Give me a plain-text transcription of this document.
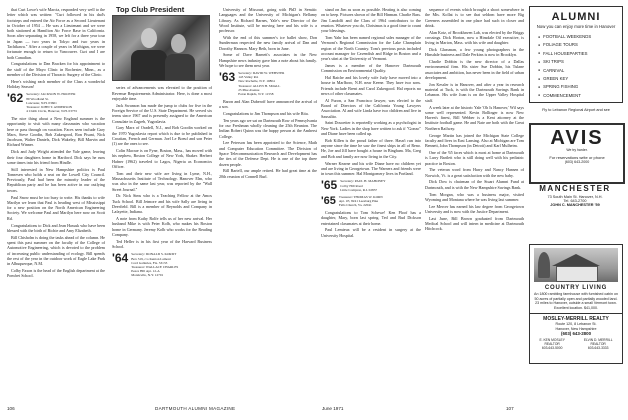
that Curt Lowe's wife Marcia, responded very well to the letter which was written: "Curt followed in his dad's footsteps and entered the Air Force as a Second Lieutenant in October of 1954 ... He was a Lieutenant and we were both stationed at Hamilton Air Force Base in California. Soon after separating in 1958, we left for a three year tour in Japan — two years in Tokyo and two years in Tachikawa." After a couple of years in Michigan, we were fortunate enough to return to Vancouver. Curt and I are both Canadian.

Congratulations to Dan Bracken for his appointment to the staff of the Mayo Clinic in Rochester, Minn., as a member of the Division of Thoracic Surgery of the Clinic.

Here's wishing each member of the Class a wonderful Holiday Season!

'62 Secretary: JACKSON W. HOOVER
89 Woodland St.
Lancaster, N.H. 03601
Treasurer: JOHN T. ANDERSON
4 Clubb Circle, Hanover, N.H. 03755

The nice thing about a New England summer is the opportunity to visit with many classmates who vacation here or pass through on vacation. Faces seen include Gary Marx, Steve Goodin, Bob Zukergood, Ron Pisani, Nick Jacobson, Walter Daniels, Dick Wakeley, Bill Marvin and Richard Winner.

Dick and Judy Wright attended the Yale game, leaving their four daughters home in Hartford. Dick says he runs some times into his friend from Hindle.

Still interested in New Hampshire politics is Paul Tonnesen who holds a seat on the Lowell City Council. Previously, Paul had been the minority leader of the Republican party and he has been active in our outlying towns.

Paul Snow must be too busy to write. His thanks to wife Marilyn we learn that Paul is heading west of Mississippi for a new position on the North American Engineering Society. We welcome Paul and Marilyn here now on Scott Rd.

Congratulations to Dick and Jean Hassuk who have been blessed with the birth of Richie and Amy Elizabeth.

Bill Chisholm is doing the tasks ahead of the column. He spent this past summer on the faculty of the College of Automotive Engineering, which is devoted to the problem of increasing public understanding of ecology. Bill spends the rest of the year in the outdoor work of Eagle Lake Park in Albuquerque, N.M.

Colby Faxon is the head of the English department at the Pomfret School.

Top Club President

series of advancements was elevated to the position of Revenue Requirements Administrator. Here, is done a most enjoyable time.

Jack Swanson has made the jump to clubs for five in the Foreign Service of the U.S. State Department. He served six terms since 1967 and is presently assigned to the American Consulate in Zagreb, Yugoslavia.

Gary Marx of Oradell, N.J., and Bob Goodin worked on the 1970 Yugoslavia report which is due to be published in Croatian, French and German. Joel Le Boeuf and son Peter (1) are the ones to see.

Colin Macrae is on Fyne, Boston, Mass., has moved with his nephew, Boston College of New York, Shaker. Herbert Hafner (1962) traveled to Lagos, Nigeria as Economics Officer.

Tom and their new wife are living in Lyme, N.H., Massachusetts Institute of Technology. Hanover Elm, who was also in the same last year, was reported by the "Wall Street Journal."

Dr. Nick Sims who is a Teaching Fellow at the Amos Tuck School. Bill Jetmore and his wife Sally are living in Deerfield. Bill is a member of Reynolds and Company in Lafayette, Indiana.

A note from Kathy Rolfe tells us of her new arrival. Her husband Mike is with Peter Kolb, who makes his Boston home in Germany. Jeremy Kolb who works for the Reading Company.

Ted Heller is in his first year of the Harvard Business School.

'64 Secretary: DONALD S. KORDT
Box 319, c/o Kenton Lamont
Cord Galleries, Fla. 33133
Treasurer: WALLACE CHARLES
Peace Hill Apt. 12-A
Monticello, N.Y. 12701

University of Missouri, going with PhD in Semitic Languages and the University of Michigan's Bellamy Library. As Richard Barnes, Yale's new Director of the Wood Institute, will be moving here and his wife is a professor.

With the end of this summer's ice ballet show, Don Sunderman respected the new family arrival of Dan and Dorothy Hannon. Mary Beth, born in June.

Some of Dave Barnett's associates in the New Hampshire news industry gave him a note about his family. We hope to see them next year.

'63 Secretary: DAVID W. WEBSTER
143 Valley Rd.
New Rochelle, N.Y. 10804
Treasurer: ALLEN H. SMALL
25 Pike Avenue
Eaton Rapids, N.Y. 11558

Baron and Alan Duberoff have announced the arrival of a son.

Congratulations to Jim Thompson and his wife Rita.

Ten years ago we sat on Dartmouth Row of Pennsylvania for our Freshman wholly cleaning the 25th Reunion. The Indian Robert Quinn was the happy person at the Amherst College.

Lee Peterson has been appointed to the Science, Math and Computer Education Committee. The Division of Space Telecommunication Research and Development has the ties of the Defense Dept. He is one of the top three dozen people.

Bill Bartell, our ample retired. He had great time at the 20th reunion of Connell Burl.

stand on Jim as soon as possible. Heating is also coming on to keep. Pictures shown of the Bill Hinman. Charlie Bass. Jim Landolfi and the Class of 1964 contributors to the reunion. Whatever you do, Christmas is a good time to count your blessings.

Tom Yahr has been named regional sales manager of the Vermont's Regional Commission for the Lake Champlain region of the North Country. Tom's previous posts included account manager for Cavendish and Ridge in Boston and a year's stint at the University of Vermont.

James is a member of the Hanover Dartmouth Commission on Environmental Quality.

Hal Raiche and his lovely wife Judy have moved into a house in Marlboro, N.H. near Keene. They have two sons. Friends include Brent and Carol Zukergood. Hal reports no news of other classmates.

Al Furon, a San Francisco lawyer, was elected to the Board of Directors of the California Young Lawyers Association. Al and wife Linda have two children and live in Sausalito.

Saint Doucetter is reportedly working as a psychologist in New York. Ladies in the shop have written to ask if "Gonzo" and Diane have been called up.

Bob Killen is the proud father of three. Hasn't run into anyone since the time he saw the finest ships in all of Reno. He, Joe and Jill have bought a house in Bingham. Ma, Greg and Bob and family are now living in the City.

Warner Kearne and his wife Diane have no children yet and are living in Georgetown. The Warners and friends were in town this summer. Hal Montgomery lives in Portland.

'65 Secretary: PAUL H. MAHONEY
Colby Hill Road
Little Compton, R.I. 02837
'65 Treasurer: THOMAS W. KORN
Apt. 1E, 8241 Leesburg Pike
Falls Church, Va. 22041

Congratulations to Tom Schewe! Ken Ploof has a daughter, Mary, born last spring. Ted and Bud Dickson entertained classmates at their home.

Paul Lemieux will be a resident in surgery at the University Hospital.

sequence of events which brought a shoot somewhere in the Mts. Kollat is to see that seldom have more Big Greeners assembled in one place had such in closer and drink.

Alan Kotz, of Brookhaven Lab, was elected by the Briggs crossings. Dick Horton, now a Hinsdale Oil executive, is living in Marion, Mass. with his wife and daughter.

Dick Glassman, a few young photographers in the Hinsdale business and Dale Perkins is now in Brooklyn.

Charlie Dobbin is the new director of a Dallas environmental firm. His sister Sue Dobbin, his Tulane associates and ambition, has never been in the field of urban development.

Jon Kessler is in Hanover, and after a year in research material at Tuck, is with the Dartmouth Savings Bank in Lebanon. His wife Joan is on the Upper Valley Hospital staff.

A week later at the historic Yale 'Oh Is Hanover,' Wil says some well represented. Kevin Bollinger is now New Haven's finest, Bill Webber is a Kent attorney at the Institute football game. He and Nate are both with the Great Northern Railway.

George Martin has joined the Michigan State College faculty and lives in East Lansing. Also at Michigan are Tom Bennett, John Thompson (in Detroit) and Karl Mulheim.

One of the '65 faces which is most at home at Dartmouth is Larry Bartlett who is still doing well with his pediatric practice in Boston.

The veteran word from Harry and Nancy Hansen of Norwich, Vt. is a great satisfaction with the new baby.

Dick Dow is chairman of the Stuart Alumni Fund at Dartmouth, and is with the New Hampshire Savings Bank.

Tom Morgan, who was a business major, visited Wyoming and Montana where he was living last summer.

Lee Mercer has earned his law degree from Georgetown University and is now with the Justice Department.

Last June, Bill Brown graduated from Dartmouth Medical School and will intern in medicine at Dartmouth Hitchcock.

ALUMNI
Now you can enjoy more time in Hanover
● FOOTBALL WEEKENDS
● FOLIAGE TOURS
● FALL HOUSEPARTIES
● SKI TRIPS
● CARNIVAL
● GREEN KEY
● SPRING FISHING
● COMMENCEMENT
Fly to Lebanon Regional Airport and see
AVIS
We try harder.
For reservations write or phone
(603) 643-2000
MANCHESTER
73 South Main St. Hanover, N.H.
Tel. 643-2700
JOHN C. MANCHESTER '59
COUNTRY LIVING
An 1800 rambling farmhouse with furnished cabin on 50 acres of partially open and partially wooded land. 23 miles to Hanover, outside a small Vermont town. Excellent location. $41,000.
MOSLEY-MERRILL REALTY
Route 120, 8 Lebanon St.
Hanover, New Hampshire
(603) 643-2800
E. KEN MOSLEY
REALTOR
603-643-5000
ELVIN D. MERRILL
REALTOR
603-643-3333
106	DARTMOUTH ALUMNI MAGAZINE	June 1971	107
